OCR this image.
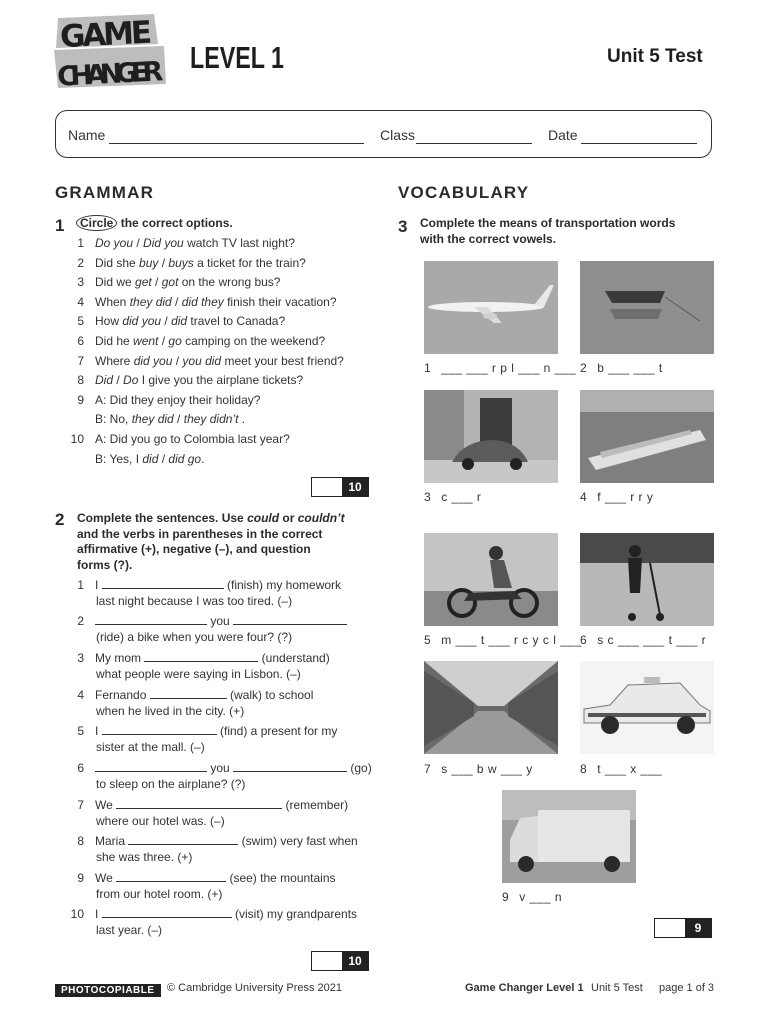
GAME
CHANGER LEVEL 1	Unit 5 Test
Name	Class	Date
GRAMMAR
1	Circle the correct options.
1 Do you / Did you watch TV last night?
2 Did she buy / buys a ticket for the train?
3 Did we get / got on the wrong bus?
4 When they did / did they finish their vacation?
5 How did you / did travel to Canada?
6 Did he went / go camping on the weekend?
7 Where did you / you did meet your best friend?
8 Did / Do I give you the airplane tickets?
9 A: Did they enjoy their holiday?
B: No, they did / they didn’t .
10 A: Did you go to Colombia last year?
B: Yes, I did / did go.
10
2 Complete the sentences. Use could or couldn’t
and the verbs in parentheses in the correct
affirmative (+), negative (–), and question
forms (?).
1 I	(finish) my homework
last night because I was too tired. (–)
2	you
(ride) a bike when you were four? (?)
3 My mom	(understand)
what people were saying in Lisbon. (–)
4 Fernando	(walk) to school
when he lived in the city. (+)
5 I	(find) a present for my
sister at the mall. (–)
6	you	(go)
to sleep on the airplane? (?)
7 We	(remember)
where our hotel was. (–)
8 Maria	(swim) very fast when
she was three. (+)
9 We	(see) the mountains
from our hotel room. (+)
10 I	(visit) my grandparents
last year. (–)
10
VOCABULARY
3 Complete the means of transportation words
with the correct vowels.
1 ___ ___ r p l ___ n ___ 2 b ___ ___ t
3 c ___ r	4 f ___ r r y
5 m ___ t ___ r c y c l ___
6 s c ___ ___ t ___ r
7 s ___ b w ___ y	8 t ___ x ___
9 v ___ n
9
PHOTOCOPIABLE	© Cambridge University Press 2021	Game Changer Level 1 Unit 5 Test page 1 of 3
